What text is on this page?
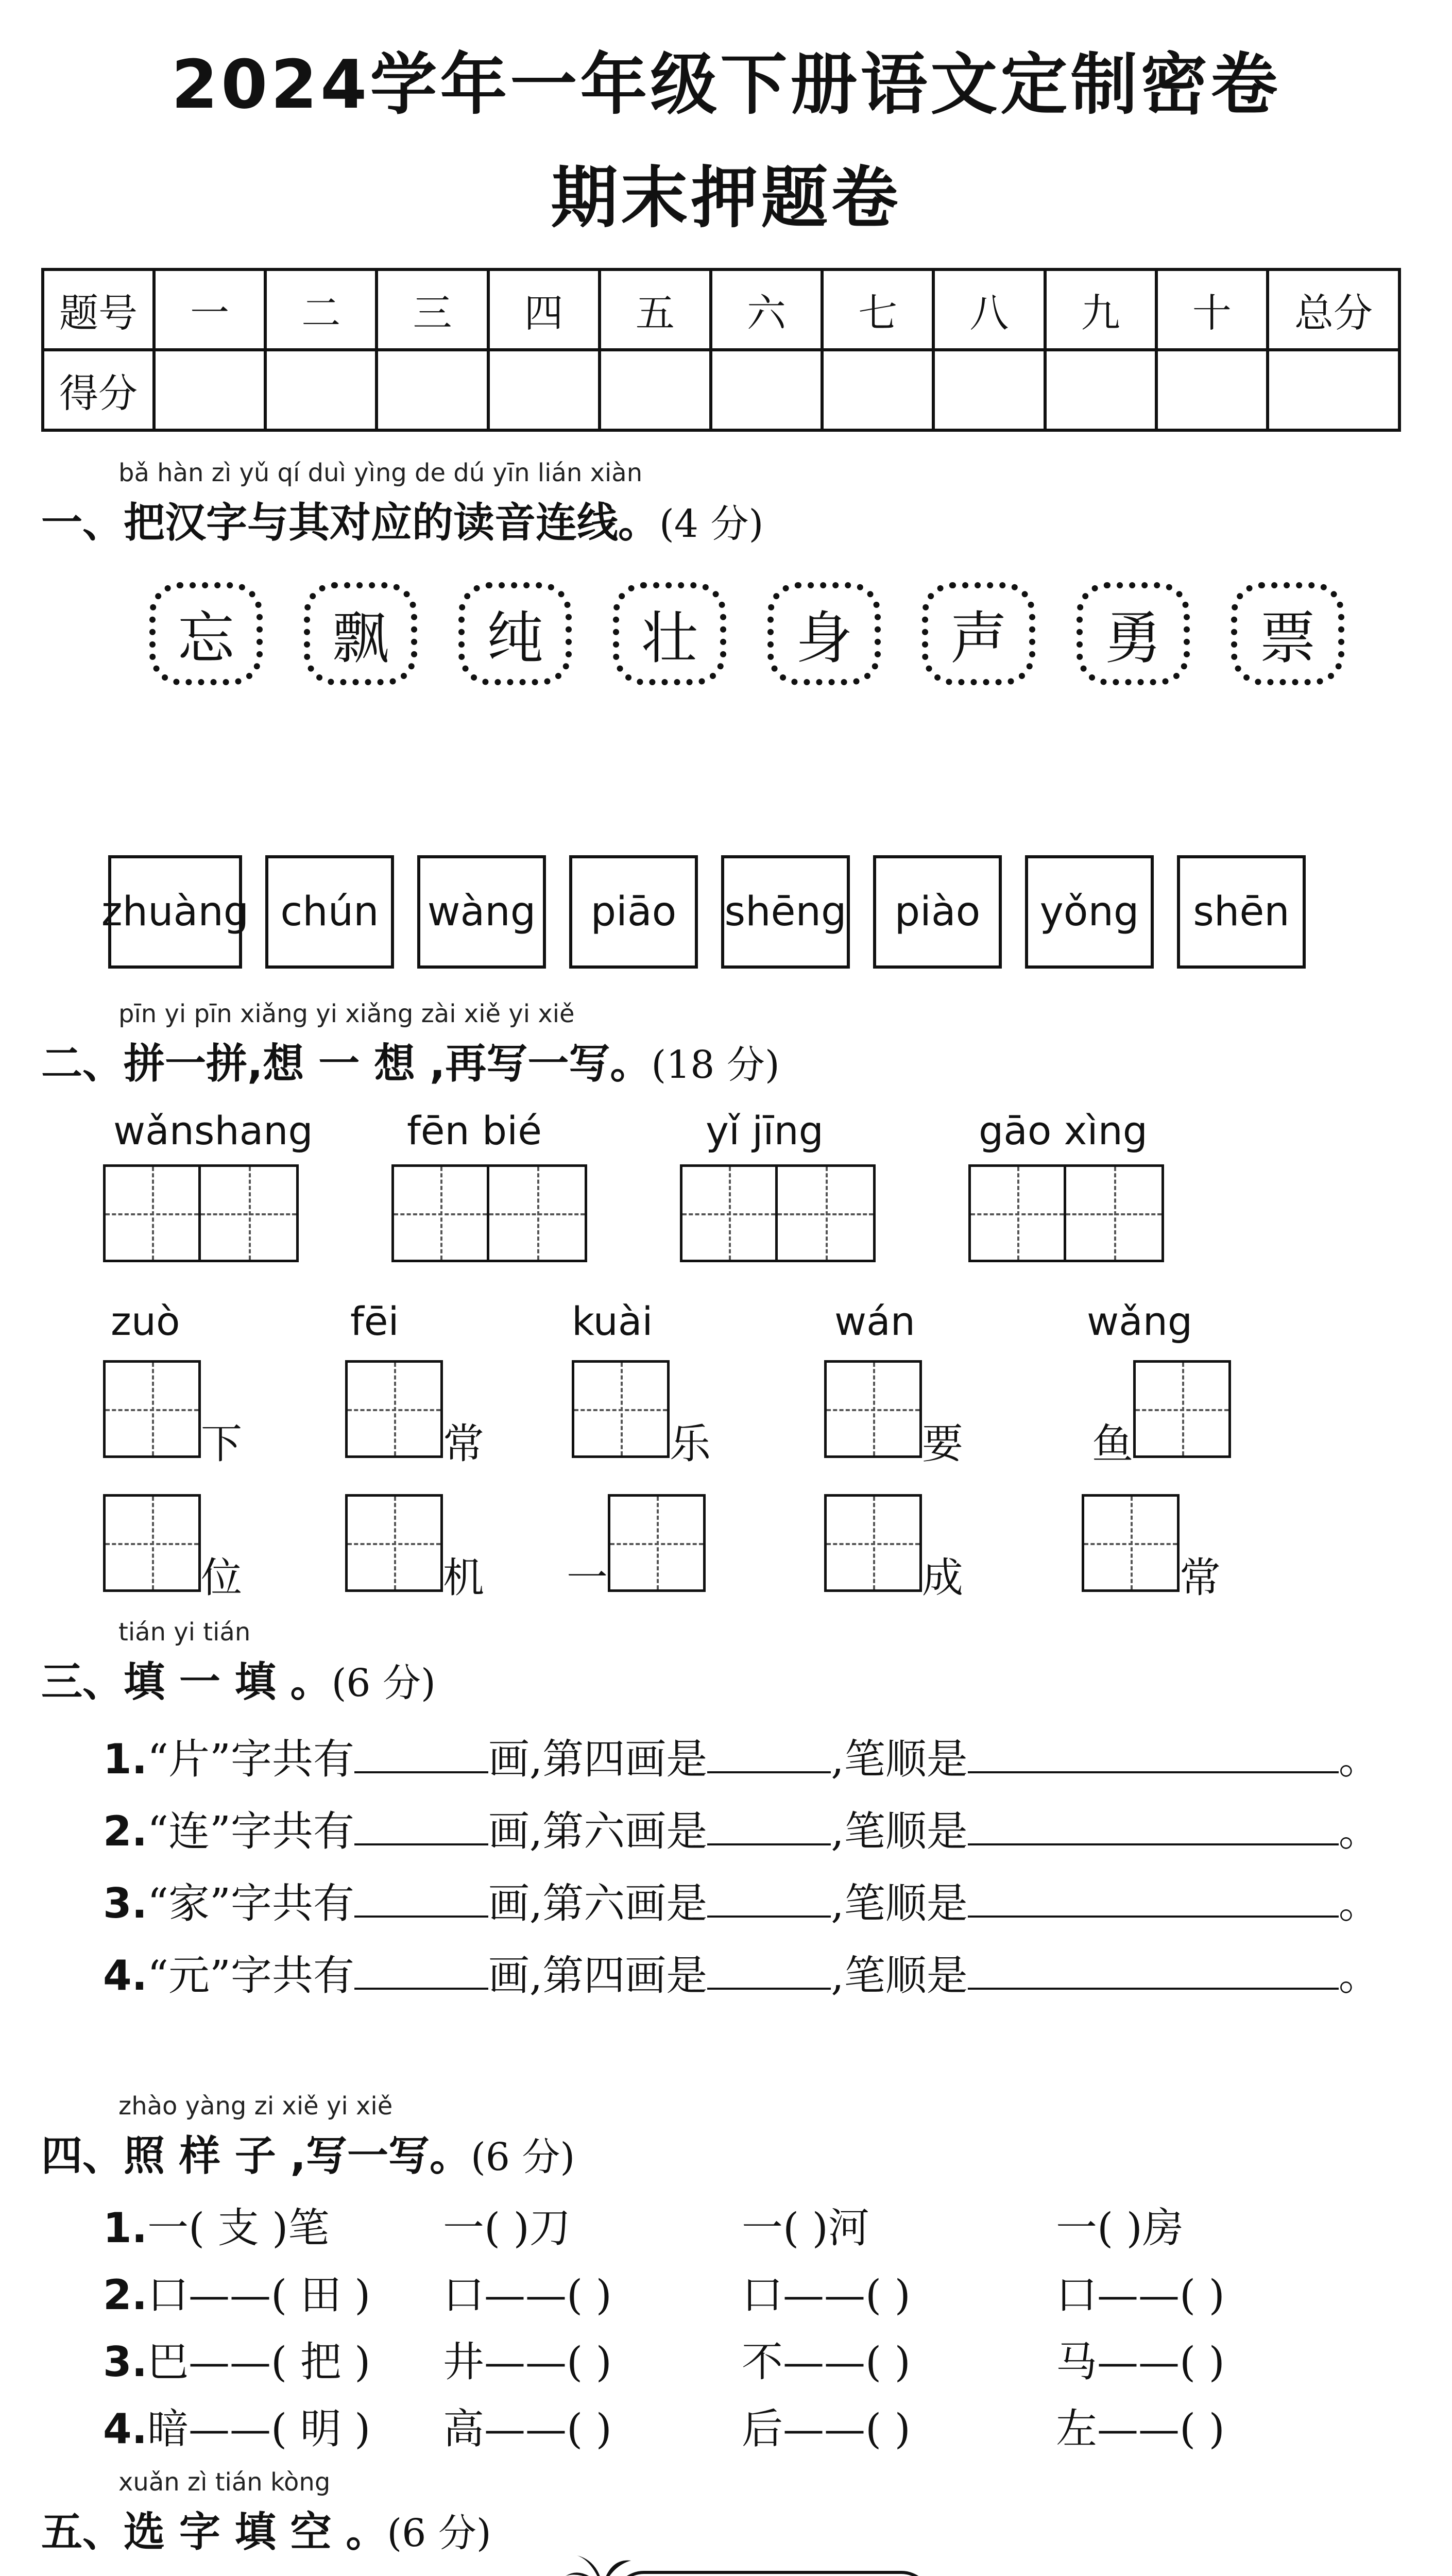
2024学年一年级下册语文定制密卷
期末押题卷
题号	一	二	三	四	五	六	七	八	九	十	总分
得分											
bǎ hàn zì yǔ qí duì yìng de dú yīn lián xiàn
一、把汉字与其对应的读音连线。(4 分)
忘	飘	纯	壮	身	声	勇	票
zhuàng chún	wàng	piāo	shēng	piào	yǒng	shēn
pīn yi pīn xiǎng yi xiǎng zài xiě yi xiě
二、拼一拼,想 一 想 ,再写一写。(18 分)
wǎnshang fēn bié	yǐ jīng	gāo xìng
zuò	fēi	kuài	wán	wǎng
下	常	乐	要	鱼
位	机 一	成	常
tián yi tián
三、填 一 填 。(6 分)
1.“片”字共有	画,第四画是	,笔顺是	。
2.“连”字共有	画,第六画是	,笔顺是	。
3.“家”字共有	画,第六画是	,笔顺是	。
4.“元”字共有	画,第四画是	,笔顺是	。
zhào yàng zi xiě yi xiě
四、照 样 子 ,写一写。(6 分)
1.一( 支 )笔	一( )刀	一( )河	一( )房
2.口——( 田 ) 口——( )	口——( )	口——( )
3.巴——( 把 ) 井——( )	不——( )	马——( )
4.暗——( 明 ) 高——( )	后——( )	左——( )
xuǎn zì tián kòng
五、选 字 填 空 。(6 分)
